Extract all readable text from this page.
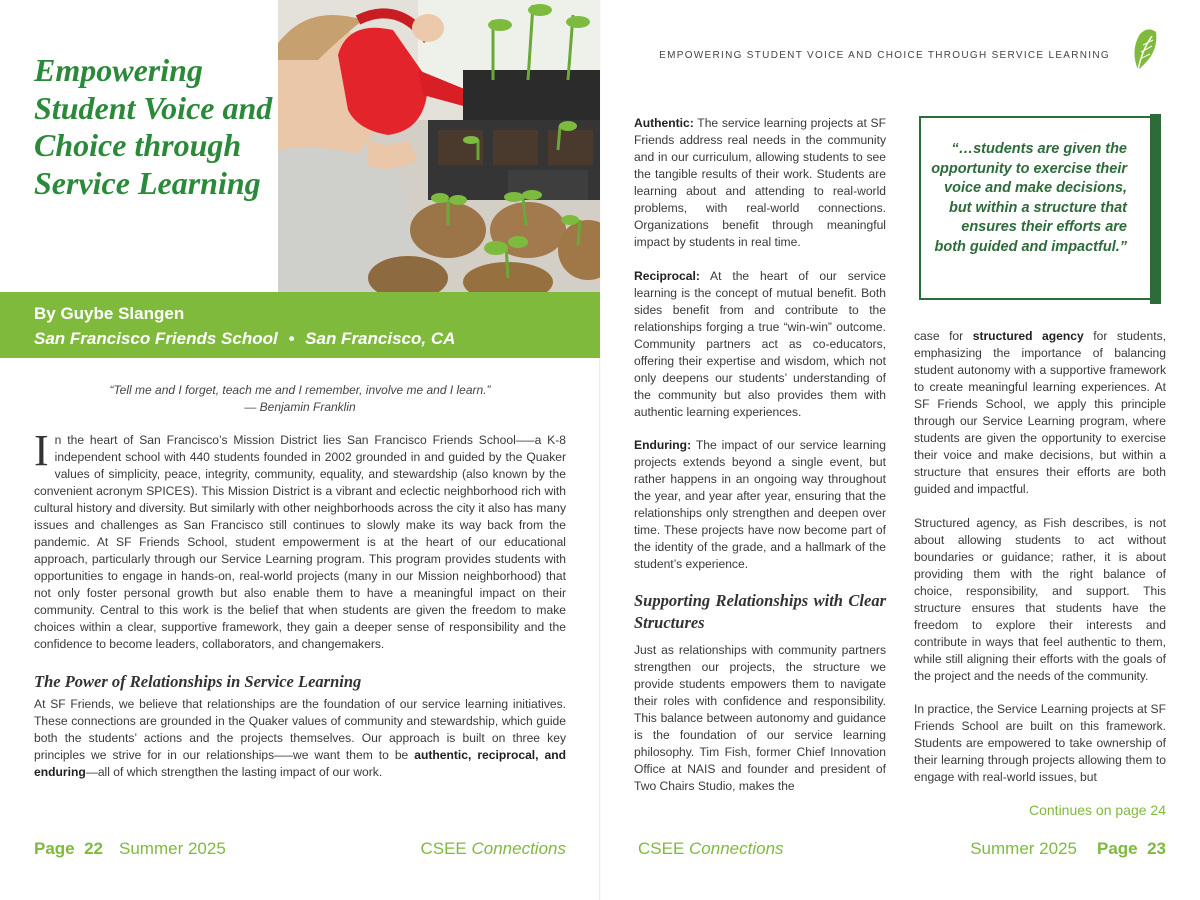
Empowering Student Voice and Choice through Service Learning
By Guybe Slangen
San Francisco Friends School • San Francisco, CA
“Tell me and I forget, teach me and I remember, involve me and I learn.”
— Benjamin Franklin
In the heart of San Francisco’s Mission District lies San Francisco Friends School—–a K-8 independent school with 440 students founded in 2002 grounded in and guided by the Quaker values of simplicity, peace, integrity, community, equality, and stewardship (also known by the convenient acronym SPICES). This Mission District is a vibrant and eclectic neighborhood rich with cultural history and diversity. But similarly with other neighborhoods across the city it also has many issues and challenges as San Francisco still continues to slowly make its way back from the pandemic. At SF Friends School, student empowerment is at the heart of our educational approach, particularly through our Service Learning program. This program provides students with opportunities to engage in hands-on, real-world projects (many in our Mission neighborhood) that not only foster personal growth but also enable them to have a meaningful impact on their community. Central to this work is the belief that when students are given the freedom to make choices within a clear, supportive framework, they gain a deeper sense of responsibility and the confidence to become leaders, collaborators, and changemakers.
The Power of Relationships in Service Learning
At SF Friends, we believe that relationships are the foundation of our service learning initiatives. These connections are grounded in the Quaker values of community and stewardship, which guide both the students’ actions and the projects themselves. Our approach is built on three key principles we strive for in our relationships—–we want them to be authentic, reciprocal, and enduring—all of which strengthen the lasting impact of our work.
Page 22 Summer 2025	CSEE Connections
EMPOWERING STUDENT VOICE AND CHOICE THROUGH SERVICE LEARNING

Authentic: The service learning projects at SF Friends address real needs in the community and in our curriculum, allowing students to see the tangible results of their work. Students are learning about and attending to real-world problems, with real-world connections. Organizations benefit through meaningful impact by students in real time.

Reciprocal: At the heart of our service learning is the concept of mutual benefit. Both sides benefit from and contribute to the relationships forging a true “win-win” outcome. Community partners act as co-educators, offering their expertise and wisdom, which not only deepens our students’ understanding of the community but also provides them with authentic learning experiences.

Enduring: The impact of our service learning projects extends beyond a single event, but rather happens in an ongoing way throughout the year, and year after year, ensuring that the relationships only strengthen and deepen over time. These projects have now become part of the identity of the grade, and a hallmark of the student’s experience.

Supporting Relationships with Clear Structures

Just as relationships with community partners strengthen our projects, the structure we provide students empowers them to navigate their roles with confidence and responsibility. This balance between autonomy and guidance is the foundation of our service learning philosophy. Tim Fish, former Chief Innovation Office at NAIS and founder and president of Two Chairs Studio, makes the

“…students are given the opportunity to exercise their voice and make decisions, but within a structure that ensures their efforts are both guided and impactful.”

case for structured agency for students, emphasizing the importance of balancing student autonomy with a supportive framework to create meaningful learning experiences. At SF Friends School, we apply this principle through our Service Learning program, where students are given the opportunity to exercise their voice and make decisions, but within a structure that ensures their efforts are both guided and impactful.

Structured agency, as Fish describes, is not about allowing students to act without boundaries or guidance; rather, it is about providing them with the right balance of choice, responsibility, and support. This structure ensures that students have the freedom to explore their interests and contribute in ways that feel authentic to them, while still aligning their efforts with the goals of the project and the needs of the community.

In practice, the Service Learning projects at SF Friends School are built on this framework. Students are empowered to take ownership of their learning through projects allowing them to engage with real-world issues, but

Continues on page 24
CSEE Connections	Summer 2025 Page 23
